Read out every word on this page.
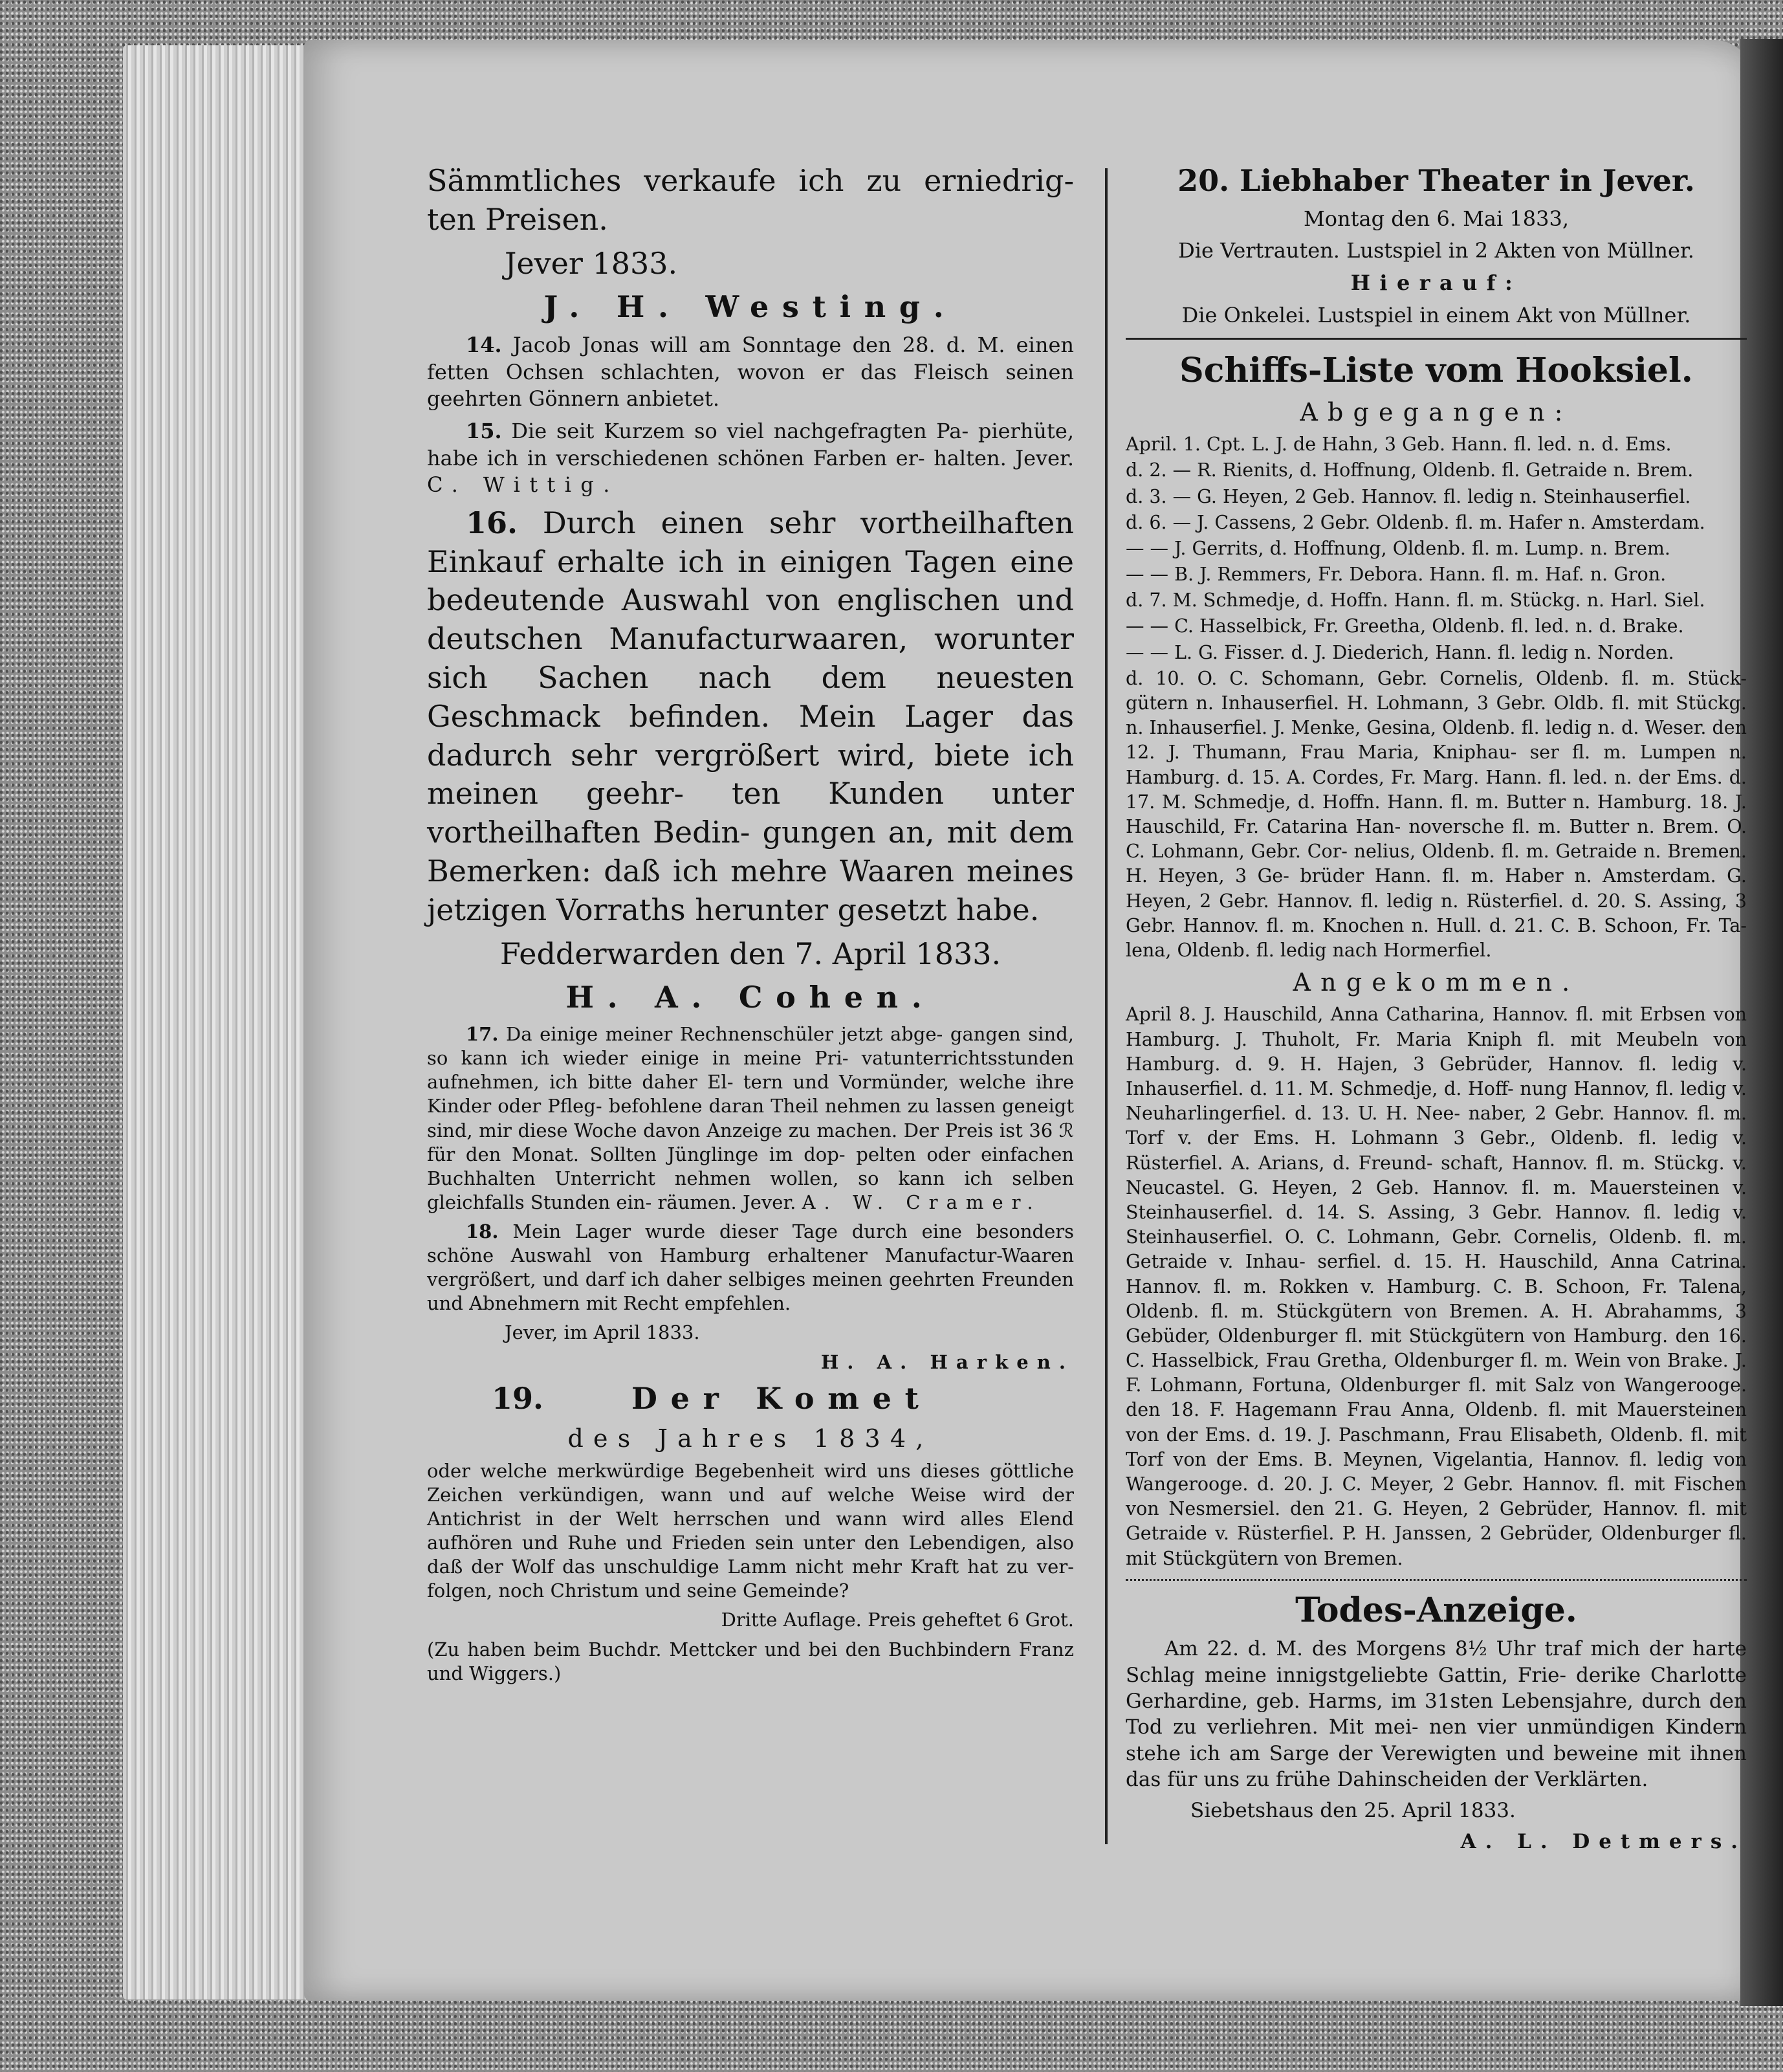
Sämmtliches verkaufe ich zu erniedrig- ten Preisen.

Jever 1833.

J. H. Westing.

14. Jacob Jonas will am Sonntage den 28. d. M. einen fetten Ochsen schlachten, wovon er das Fleisch seinen geehrten Gönnern anbietet.

15. Die seit Kurzem so viel nachgefragten Pa- pierhüte, habe ich in verschiedenen schönen Farben er- halten. Jever. C. Wittig.

16. Durch einen sehr vortheilhaften Einkauf erhalte ich in einigen Tagen eine bedeutende Auswahl von englischen und deutschen Manufacturwaaren, worunter sich Sachen nach dem neuesten Geschmack befinden. Mein Lager das dadurch sehr vergrößert wird, biete ich meinen geehr- ten Kunden unter vortheilhaften Bedin- gungen an, mit dem Bemerken: daß ich mehre Waaren meines jetzigen Vorraths herunter gesetzt habe.

Fedderwarden den 7. April 1833.

H. A. Cohen.

17. Da einige meiner Rechnenschüler jetzt abge- gangen sind, so kann ich wieder einige in meine Pri- vatunterrichtsstunden aufnehmen, ich bitte daher El- tern und Vormünder, welche ihre Kinder oder Pfleg- befohlene daran Theil nehmen zu lassen geneigt sind, mir diese Woche davon Anzeige zu machen. Der Preis ist 36 ℛ für den Monat. Sollten Jünglinge im dop- pelten oder einfachen Buchhalten Unterricht nehmen wollen, so kann ich selben gleichfalls Stunden ein- räumen. Jever. A. W. Cramer.

18. Mein Lager wurde dieser Tage durch eine besonders schöne Auswahl von Hamburg erhaltener Manufactur-Waaren vergrößert, und darf ich daher selbiges meinen geehrten Freunden und Abnehmern mit Recht empfehlen.

Jever, im April 1833.

H. A. Harken.

19.	Der Komet

des Jahres 1834,

oder welche merkwürdige Begebenheit wird uns dieses göttliche Zeichen verkündigen, wann und auf welche Weise wird der Antichrist in der Welt herrschen und wann wird alles Elend aufhören und Ruhe und Frieden sein unter den Lebendigen, also daß der Wolf das unschuldige Lamm nicht mehr Kraft hat zu ver- folgen, noch Christum und seine Gemeinde?

Dritte Auflage. Preis geheftet 6 Grot.

(Zu haben beim Buchdr. Mettcker und bei den Buchbindern Franz und Wiggers.)

20. Liebhaber Theater in Jever.

Montag den 6. Mai 1833,

Die Vertrauten. Lustspiel in 2 Akten von Müllner.

Hierauf:

Die Onkelei. Lustspiel in einem Akt von Müllner.

Schiffs-Liste vom Hooksiel.

Abgegangen:

April. 1. Cpt. L. J. de Hahn, 3 Geb. Hann. fl. led. n. d. Ems.

d. 2. — R. Rienits, d. Hoffnung, Oldenb. fl. Getraide n. Brem.

d. 3. — G. Heyen, 2 Geb. Hannov. fl. ledig n. Steinhauserfiel.

d. 6. — J. Cassens, 2 Gebr. Oldenb. fl. m. Hafer n. Amsterdam.

— — J. Gerrits, d. Hoffnung, Oldenb. fl. m. Lump. n. Brem.

— — B. J. Remmers, Fr. Debora. Hann. fl. m. Haf. n. Gron.

d. 7. M. Schmedje, d. Hoffn. Hann. fl. m. Stückg. n. Harl. Siel.

— — C. Hasselbick, Fr. Greetha, Oldenb. fl. led. n. d. Brake.

— — L. G. Fisser. d. J. Diederich, Hann. fl. ledig n. Norden.

d. 10. O. C. Schomann, Gebr. Cornelis, Oldenb. fl. m. Stück- gütern n. Inhauserfiel. H. Lohmann, 3 Gebr. Oldb. fl. mit Stückg. n. Inhauserfiel. J. Menke, Gesina, Oldenb. fl. ledig n. d. Weser. den 12. J. Thumann, Frau Maria, Kniphau- ser fl. m. Lumpen n. Hamburg. d. 15. A. Cordes, Fr. Marg. Hann. fl. led. n. der Ems. d. 17. M. Schmedje, d. Hoffn. Hann. fl. m. Butter n. Hamburg. 18. J. Hauschild, Fr. Catarina Han- noversche fl. m. Butter n. Brem. O. C. Lohmann, Gebr. Cor- nelius, Oldenb. fl. m. Getraide n. Bremen. H. Heyen, 3 Ge- brüder Hann. fl. m. Haber n. Amsterdam. G. Heyen, 2 Gebr. Hannov. fl. ledig n. Rüsterfiel. d. 20. S. Assing, 3 Gebr. Hannov. fl. m. Knochen n. Hull. d. 21. C. B. Schoon, Fr. Ta- lena, Oldenb. fl. ledig nach Hormerfiel.

Angekommen.

April 8. J. Hauschild, Anna Catharina, Hannov. fl. mit Erbsen von Hamburg. J. Thuholt, Fr. Maria Kniph fl. mit Meubeln von Hamburg. d. 9. H. Hajen, 3 Gebrüder, Hannov. fl. ledig v. Inhauserfiel. d. 11. M. Schmedje, d. Hoff- nung Hannov, fl. ledig v. Neuharlingerfiel. d. 13. U. H. Nee- naber, 2 Gebr. Hannov. fl. m. Torf v. der Ems. H. Lohmann 3 Gebr., Oldenb. fl. ledig v. Rüsterfiel. A. Arians, d. Freund- schaft, Hannov. fl. m. Stückg. v. Neucastel. G. Heyen, 2 Geb. Hannov. fl. m. Mauersteinen v. Steinhauserfiel. d. 14. S. Assing, 3 Gebr. Hannov. fl. ledig v. Steinhauserfiel. O. C. Lohmann, Gebr. Cornelis, Oldenb. fl. m. Getraide v. Inhau- serfiel. d. 15. H. Hauschild, Anna Catrina. Hannov. fl. m. Rokken v. Hamburg. C. B. Schoon, Fr. Talena, Oldenb. fl. m. Stückgütern von Bremen. A. H. Abrahamms, 3 Gebüder, Oldenburger fl. mit Stückgütern von Hamburg. den 16. C. Hasselbick, Frau Gretha, Oldenburger fl. m. Wein von Brake. J. F. Lohmann, Fortuna, Oldenburger fl. mit Salz von Wangerooge. den 18. F. Hagemann Frau Anna, Oldenb. fl. mit Mauersteinen von der Ems. d. 19. J. Paschmann, Frau Elisabeth, Oldenb. fl. mit Torf von der Ems. B. Meynen, Vigelantia, Hannov. fl. ledig von Wangerooge. d. 20. J. C. Meyer, 2 Gebr. Hannov. fl. mit Fischen von Nesmersiel. den 21. G. Heyen, 2 Gebrüder, Hannov. fl. mit Getraide v. Rüsterfiel. P. H. Janssen, 2 Gebrüder, Oldenburger fl. mit Stückgütern von Bremen.

Todes-Anzeige.

Am 22. d. M. des Morgens 8½ Uhr traf mich der harte Schlag meine innigstgeliebte Gattin, Frie- derike Charlotte Gerhardine, geb. Harms, im 31sten Lebensjahre, durch den Tod zu verliehren. Mit mei- nen vier unmündigen Kindern stehe ich am Sarge der Verewigten und beweine mit ihnen das für uns zu frühe Dahinscheiden der Verklärten.

Siebetshaus den 25. April 1833.

A. L. Detmers.
